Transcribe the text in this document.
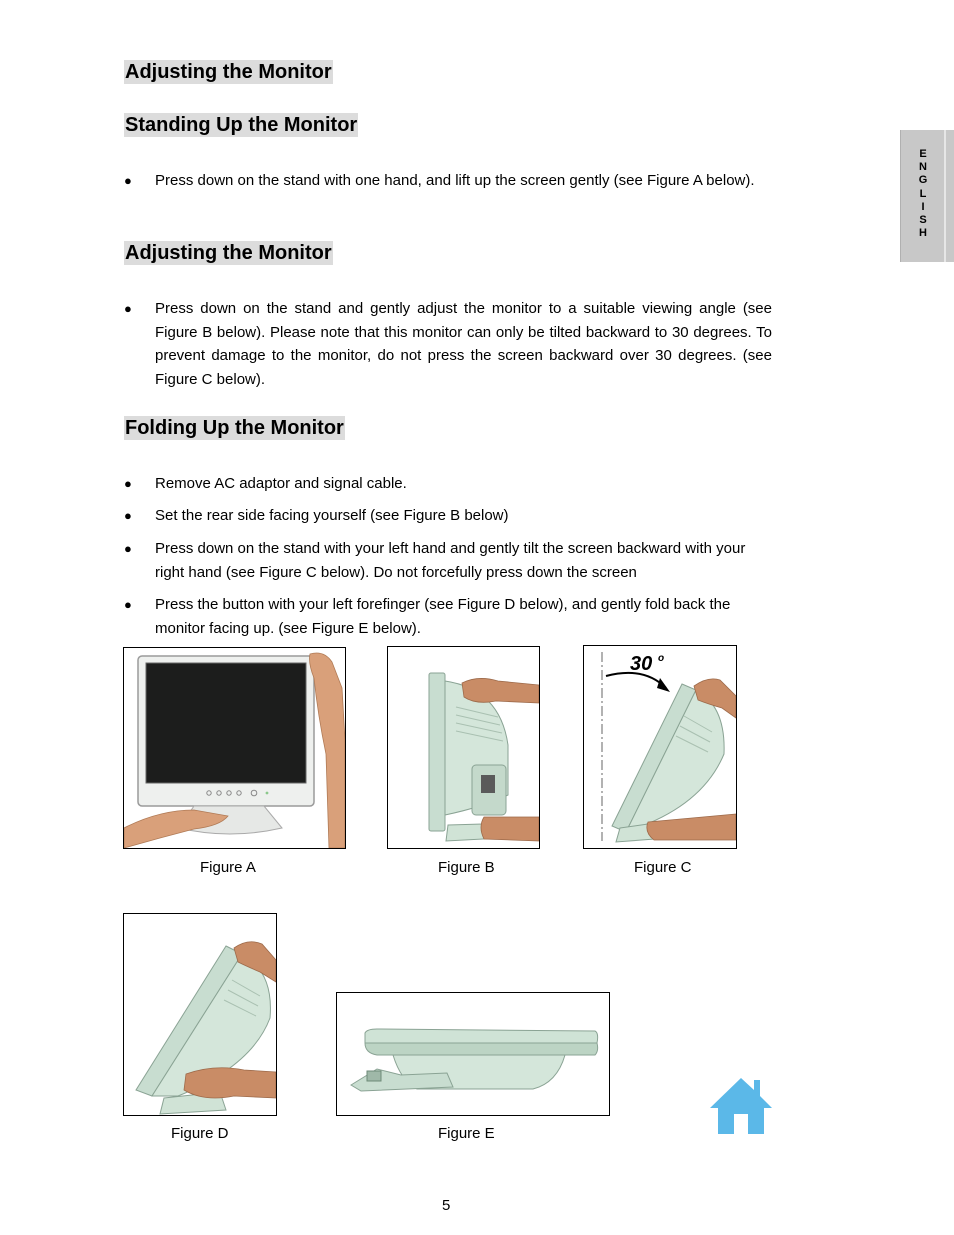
Adjusting the Monitor
Standing Up the Monitor
● Press down on the stand with one hand, and lift up the screen gently (see Figure A below).
Adjusting the Monitor
● Press down on the stand and gently adjust the monitor to a suitable viewing angle (see Figure B below). Please note that this monitor can only be tilted backward to 30 degrees. To prevent damage to the monitor, do not press the screen backward over 30 degrees. (see Figure C below).
Folding Up the Monitor
● Remove AC adaptor and signal cable.
● Set the rear side facing yourself (see Figure B below)
● Press down on the stand with your left hand and gently tilt the screen backward with your right hand (see Figure C below). Do not forcefully press down the screen
● Press the button with your left forefinger (see Figure D below), and gently fold back the monitor facing up. (see Figure E below).
E
N
G
L
I
S
H
30 o
Figure A	Figure B	Figure C
Figure D	Figure E
5
